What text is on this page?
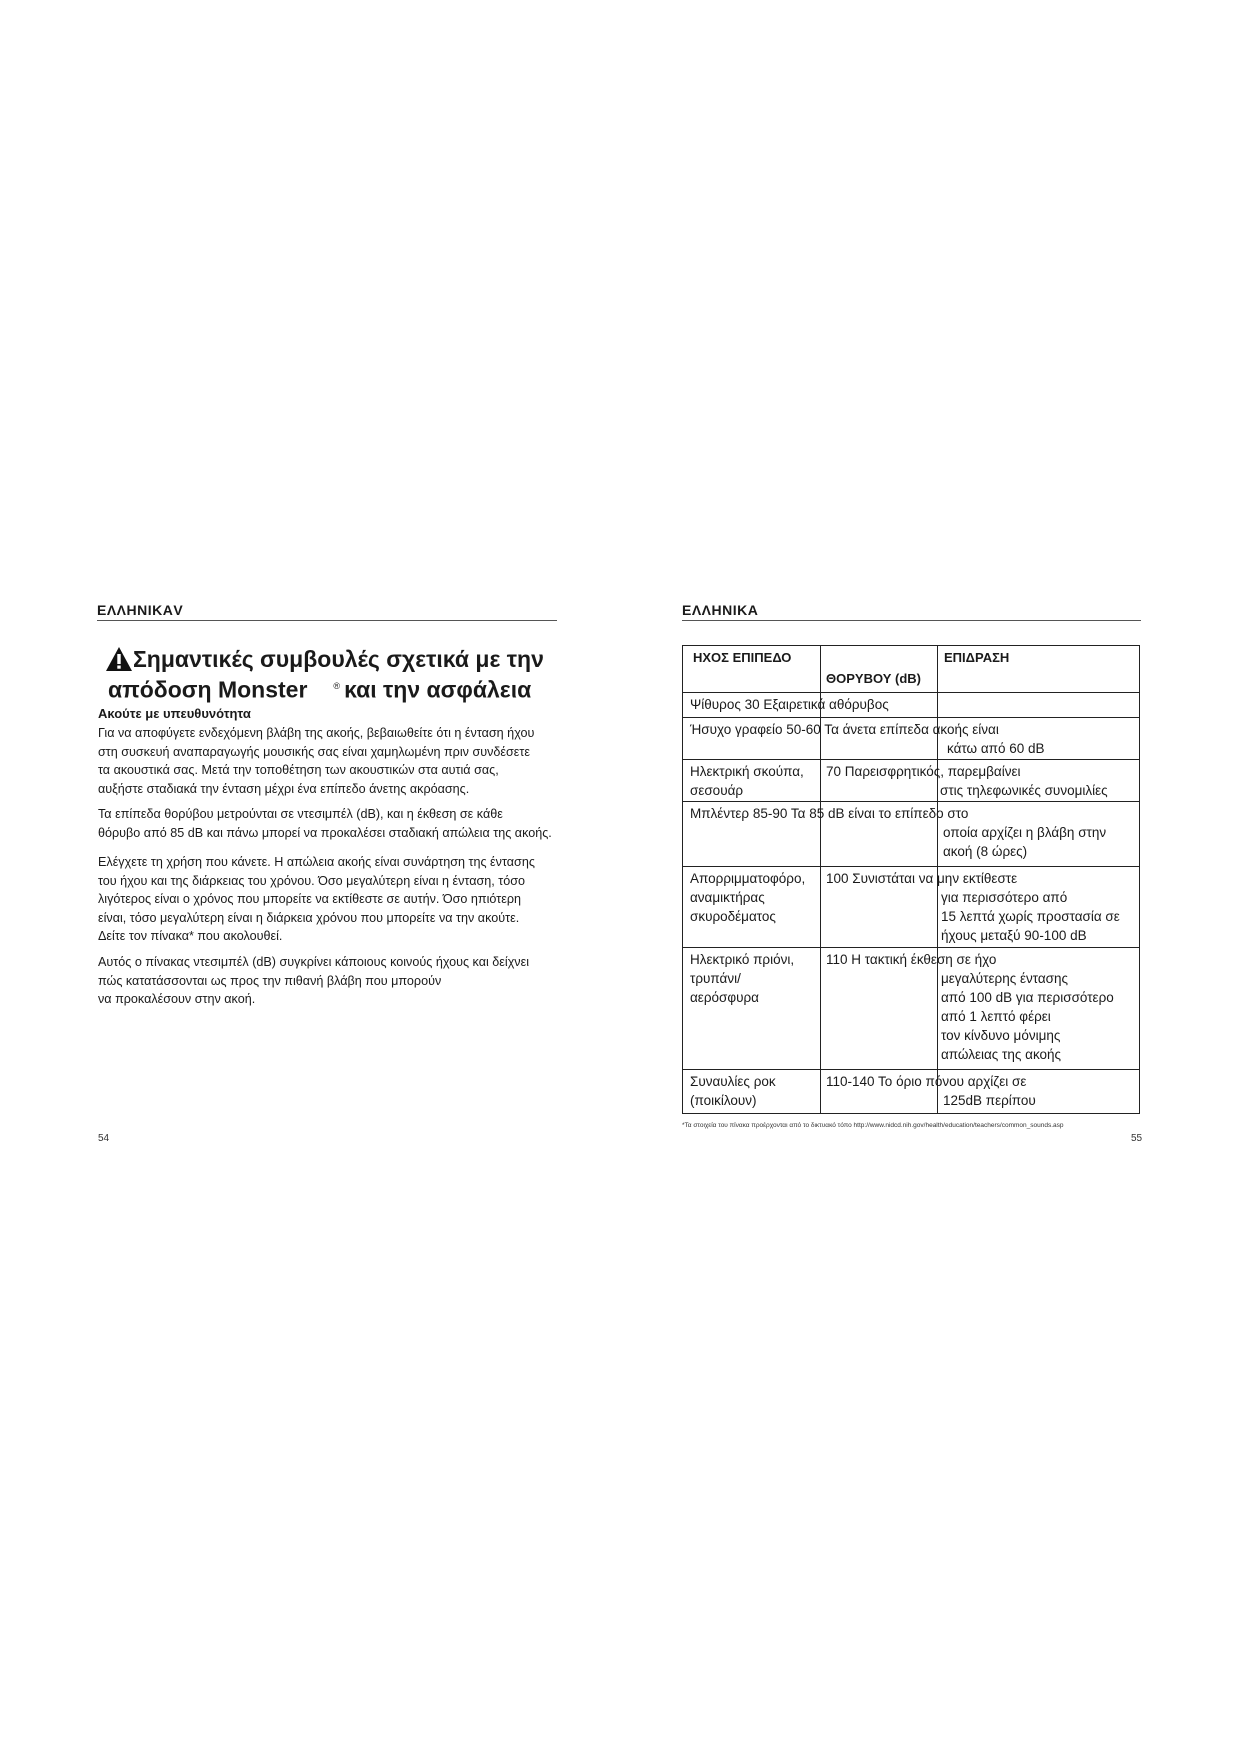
ΕΛΛΗΝΙΚΑV
Σημαντικές συμβουλές σχετικά με την
απόδοση Monster	® και την ασφάλεια
Ακούτε με υπευθυνότητα
Για να αποφύγετε ενδεχόμενη βλάβη της ακοής, βεβαιωθείτε ότι η ένταση ήχου
στη συσκευή αναπαραγωγής μουσικής σας είναι χαμηλωμένη πριν συνδέσετε
τα ακουστικά σας. Μετά την τοποθέτηση των ακουστικών στα αυτιά σας,
αυξήστε σταδιακά την ένταση μέχρι ένα επίπεδο άνετης ακρόασης.
Τα επίπεδα θορύβου μετρούνται σε ντεσιμπέλ (dB), και η έκθεση σε κάθε
θόρυβο από 85 dB και πάνω μπορεί να προκαλέσει σταδιακή απώλεια της ακοής.
Ελέγχετε τη χρήση που κάνετε. Η απώλεια ακοής είναι συνάρτηση της έντασης
του ήχου και της διάρκειας του χρόνου. Όσο μεγαλύτερη είναι η ένταση, τόσο
λιγότερος είναι ο χρόνος που μπορείτε να εκτίθεστε σε αυτήν. Όσο ηπιότερη
είναι, τόσο μεγαλύτερη είναι η διάρκεια χρόνου που μπορείτε να την ακούτε.
Δείτε τον πίνακα* που ακολουθεί.
Αυτός ο πίνακας ντεσιμπέλ (dB) συγκρίνει κάποιους κοινούς ήχους και δείχνει
πώς κατατάσσονται ως προς την πιθανή βλάβη που μπορούν
να προκαλέσουν στην ακοή.
54
ΕΛΛΗΝΙΚΑ
ΗΧΟΣ ΕΠΙΠΕΔΟ
ΘΟΡΥΒΟΥ (dB)
ΕΠΙΔΡΑΣΗ
Ψίθυρος 30 Εξαιρετικά αθόρυβος
Ήσυχο γραφείο 50-60 Τα άνετα επίπεδα ακοής είναι
κάτω από 60 dB
Ηλεκτρική σκούπα,
σεσουάρ
70 Παρεισφρητικός, παρεμβαίνει
στις τηλεφωνικές συνομιλίες
Μπλέντερ 85-90 Τα 85 dB είναι το επίπεδο στο
οποία αρχίζει η βλάβη στην
ακοή (8 ώρες)
Απορριμματοφόρο,
αναμικτήρας
σκυροδέματος
100 Συνιστάται να μην εκτίθεστε
για περισσότερο από
15 λεπτά χωρίς προστασία σε
ήχους μεταξύ 90-100 dB
Ηλεκτρικό πριόνι,
τρυπάνι/
αερόσφυρα
110 Η τακτική έκθεση σε ήχο
μεγαλύτερης έντασης
από 100 dB για περισσότερο
από 1 λεπτό φέρει
τον κίνδυνο μόνιμης
απώλειας της ακοής
Συναυλίες ροκ
(ποικίλουν)
110-140 Το όριο πόνου αρχίζει σε
125dB περίπου
*Τα στοιχεία του πίνακα προέρχονται από το δικτυακό τόπο http://www.nidcd.nih.gov/health/education/teachers/common_sounds.asp
55
